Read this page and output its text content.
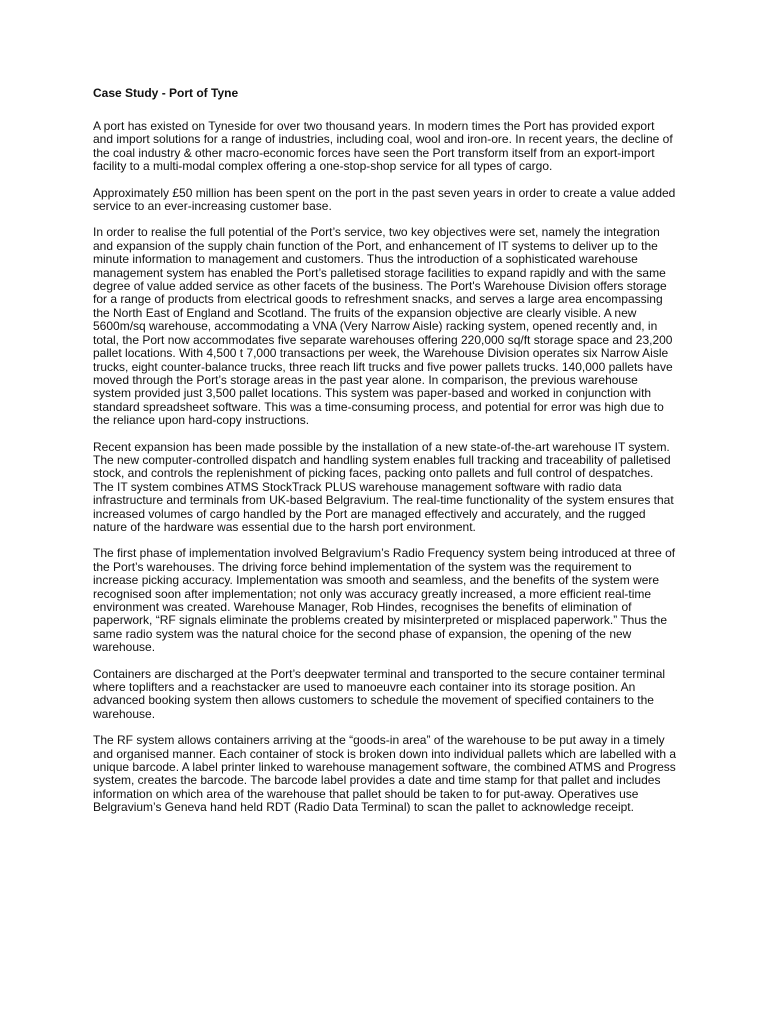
Case Study - Port of Tyne

A port has existed on Tyneside for over two thousand years. In modern times the Port has provided export and import solutions for a range of industries, including coal, wool and iron-ore. In recent years, the decline of the coal industry & other macro-economic forces have seen the Port transform itself from an export-import facility to a multi-modal complex offering a one-stop-shop service for all types of cargo.

Approximately £50 million has been spent on the port in the past seven years in order to create a value added service to an ever-increasing customer base.

In order to realise the full potential of the Port’s service, two key objectives were set, namely the integration and expansion of the supply chain function of the Port, and enhancement of IT systems to deliver up to the minute information to management and customers. Thus the introduction of a sophisticated warehouse management system has enabled the Port’s palletised storage facilities to expand rapidly and with the same degree of value added service as other facets of the business. The Port's Warehouse Division offers storage for a range of products from electrical goods to refreshment snacks, and serves a large area encompassing the North East of England and Scotland. The fruits of the expansion objective are clearly visible. A new 5600m/sq warehouse, accommodating a VNA (Very Narrow Aisle) racking system, opened recently and, in total, the Port now accommodates five separate warehouses offering 220,000 sq/ft storage space and 23,200 pallet locations. With 4,500 t 7,000 transactions per week, the Warehouse Division operates six Narrow Aisle trucks, eight counter-balance trucks, three reach lift trucks and five power pallets trucks. 140,000 pallets have moved through the Port’s storage areas in the past year alone. In comparison, the previous warehouse system provided just 3,500 pallet locations. This system was paper-based and worked in conjunction with standard spreadsheet software. This was a time-consuming process, and potential for error was high due to the reliance upon hard-copy instructions.

Recent expansion has been made possible by the installation of a new state-of-the-art warehouse IT system. The new computer-controlled dispatch and handling system enables full tracking and traceability of palletised stock, and controls the replenishment of picking faces, packing onto pallets and full control of despatches. The IT system combines ATMS StockTrack PLUS warehouse management software with radio data infrastructure and terminals from UK-based Belgravium. The real-time functionality of the system ensures that increased volumes of cargo handled by the Port are managed effectively and accurately, and the rugged nature of the hardware was essential due to the harsh port environment.

The first phase of implementation involved Belgravium’s Radio Frequency system being introduced at three of the Port’s warehouses. The driving force behind implementation of the system was the requirement to increase picking accuracy. Implementation was smooth and seamless, and the benefits of the system were recognised soon after implementation; not only was accuracy greatly increased, a more efficient real-time environment was created. Warehouse Manager, Rob Hindes, recognises the benefits of elimination of paperwork, “RF signals eliminate the problems created by misinterpreted or misplaced paperwork.” Thus the same radio system was the natural choice for the second phase of expansion, the opening of the new warehouse.

Containers are discharged at the Port’s deepwater terminal and transported to the secure container terminal where toplifters and a reachstacker are used to manoeuvre each container into its storage position. An advanced booking system then allows customers to schedule the movement of specified containers to the warehouse.

The RF system allows containers arriving at the “goods-in area” of the warehouse to be put away in a timely and organised manner. Each container of stock is broken down into individual pallets which are labelled with a unique barcode. A label printer linked to warehouse management software, the combined ATMS and Progress system, creates the barcode. The barcode label provides a date and time stamp for that pallet and includes information on which area of the warehouse that pallet should be taken to for put-away. Operatives use Belgravium’s Geneva hand held RDT (Radio Data Terminal) to scan the pallet to acknowledge receipt.
